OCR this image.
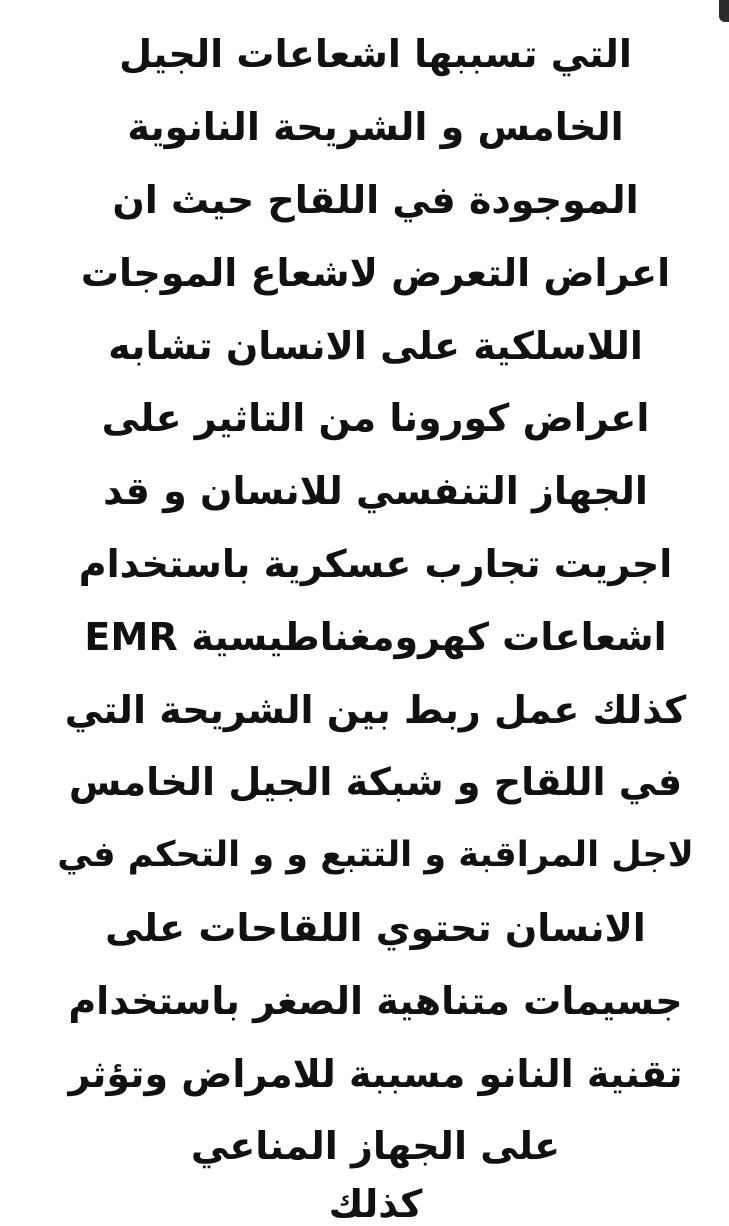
التي تسببها اشعاعات الجيل
الخامس و الشريحة النانوية
الموجودة في اللقاح حيث ان
اعراض التعرض لاشعاع الموجات
اللاسلكية على الانسان تشابه
اعراض كورونا من التاثير على
الجهاز التنفسي للانسان و قد
اجريت تجارب عسكرية باستخدام
اشعاعات كهرومغناطيسية EMR
كذلك عمل ربط بين الشريحة التي
في اللقاح و شبكة الجيل الخامس
لاجل المراقبة و التتبع و و التحكم في
الانسان تحتوي اللقاحات على
جسيمات متناهية الصغر باستخدام
تقنية النانو مسببة للامراض وتؤثر
على الجهاز المناعي
كذلك
